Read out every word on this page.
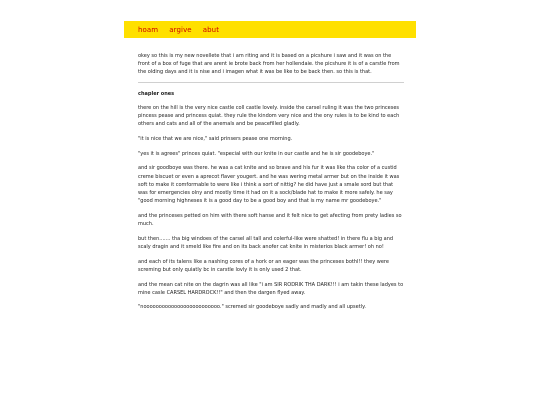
hoam argive abut

okey so this is my new novellete that i am riting and it is based on a picshure i saw and it was on the front of a box of fuge that are arent ie brote back from her hollendaie. the picshure it is of a carstle from the olding days and it is nise and i imagen what it was be like to be back then. so this is that.

chapler ones

there on the hill is the very nice castle coll castle lovely. inside the carsel ruling it was the two princeses pincess pease and princess quiat. they rule the kindom very nice and the ony rules is to be kind to each others and cats and all of the anemals and be peacefilled gladly.

"it is nice that we are nice," said prinsers pease one morning.

"yes it is agrees" princes quiat. "especial with our knite in our castle and he is sir goodeboye."

and sir goodboye was there. he was a cat knite and so brave and his fur it was like tha color of a custid creme biscuet or even a aprecot flaver yougert. and he was wering metal armer but on the inside it was soft to make it comformable to were like i think a sort of nittig? he did have just a smale sord but that was for emergencies olny and mostly time it had on it a sock/blade hat to make it more safely. he say "good morning highneses it is a good day to be a good boy and that is my name mr goodeboye."

and the princeses petted on him with there soft hanse and it felt nice to get afecting from prety ladies so much.

but then....... tha big windoes of the carsel all tall and colerful-like were shatted! in there flu a big and scaly dragin and it smeld like fire and on its back anofer cat knite in misterios black armer! oh no!

and each of its talens like a nashing cores of a hork or an eager was the princeses bothl!! they were screming but only quiatly bc in carstle lovly it is only used 2 that.

and the mean cat nite on the dagrin was all like "i am SIR RODRIK THA DARK!!! i am takin these ladyes to mine casle CARSEL HARDROCK!!" and then the dargen flyed away.

"nooooooooooooooooooooooooo." scremed sir goodeboye sadly and madly and all upsetly.
